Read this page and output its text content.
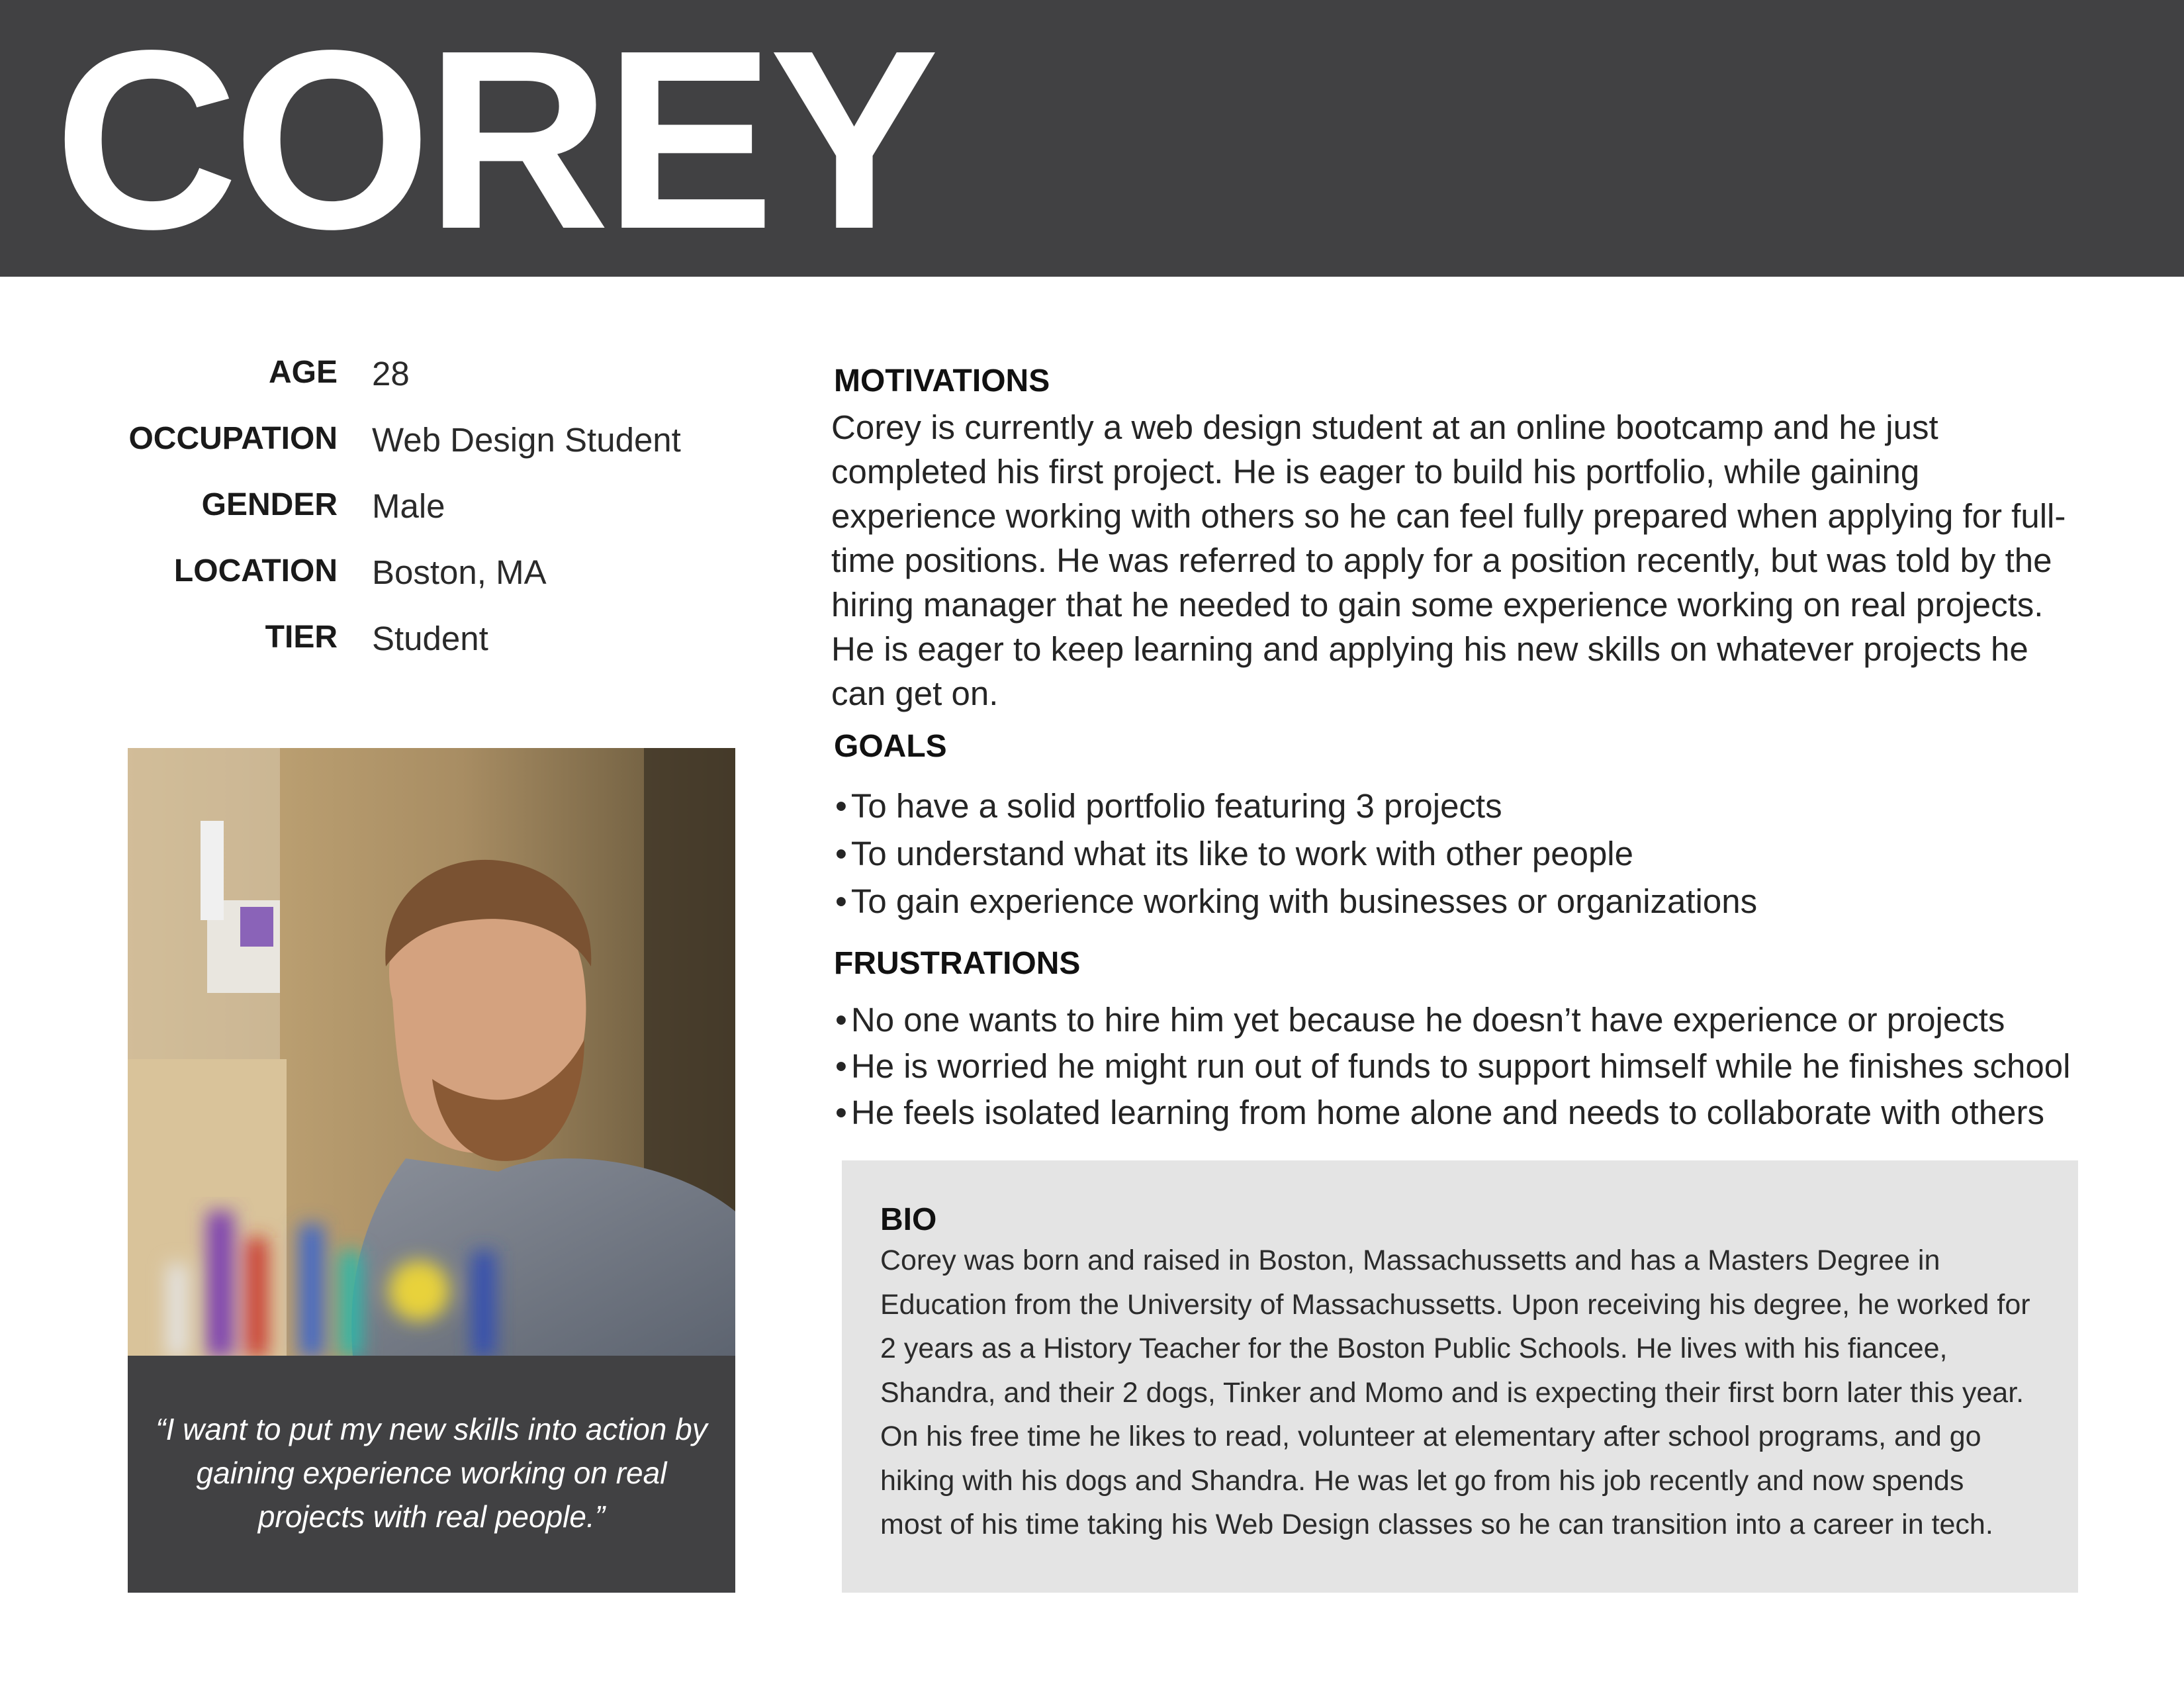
COREY
AGE 28
OCCUPATION Web Design Student
GENDER Male
LOCATION Boston, MA
TIER Student
“I want to put my new skills into action by gaining experience working on real projects with real people.”
MOTIVATIONS
Corey is currently a web design student at an online bootcamp and he just completed his first project. He is eager to build his portfolio, while gaining experience working with others so he can feel fully prepared when applying for full-time positions. He was referred to apply for a position recently, but was told by the hiring manager that he needed to gain some experience working on real projects. He is eager to keep learning and applying his new skills on whatever projects he can get on.
GOALS
• To have a solid portfolio featuring 3 projects
• To understand what its like to work with other people
• To gain experience working with businesses or organizations
FRUSTRATIONS
• No one wants to hire him yet because he doesn’t have experience or projects
• He is worried he might run out of funds to support himself while he finishes school
• He feels isolated learning from home alone and needs to collaborate with others
BIO
Corey was born and raised in Boston, Massachussetts and has a Masters Degree in Education from the University of Massachussetts. Upon receiving his degree, he worked for 2 years as a History Teacher for the Boston Public Schools. He lives with his fiancee, Shandra, and their 2 dogs, Tinker and Momo and is expecting their first born later this year. On his free time he likes to read, volunteer at elementary after school programs, and go hiking with his dogs and Shandra. He was let go from his job recently and now spends most of his time taking his Web Design classes so he can transition into a career in tech.
